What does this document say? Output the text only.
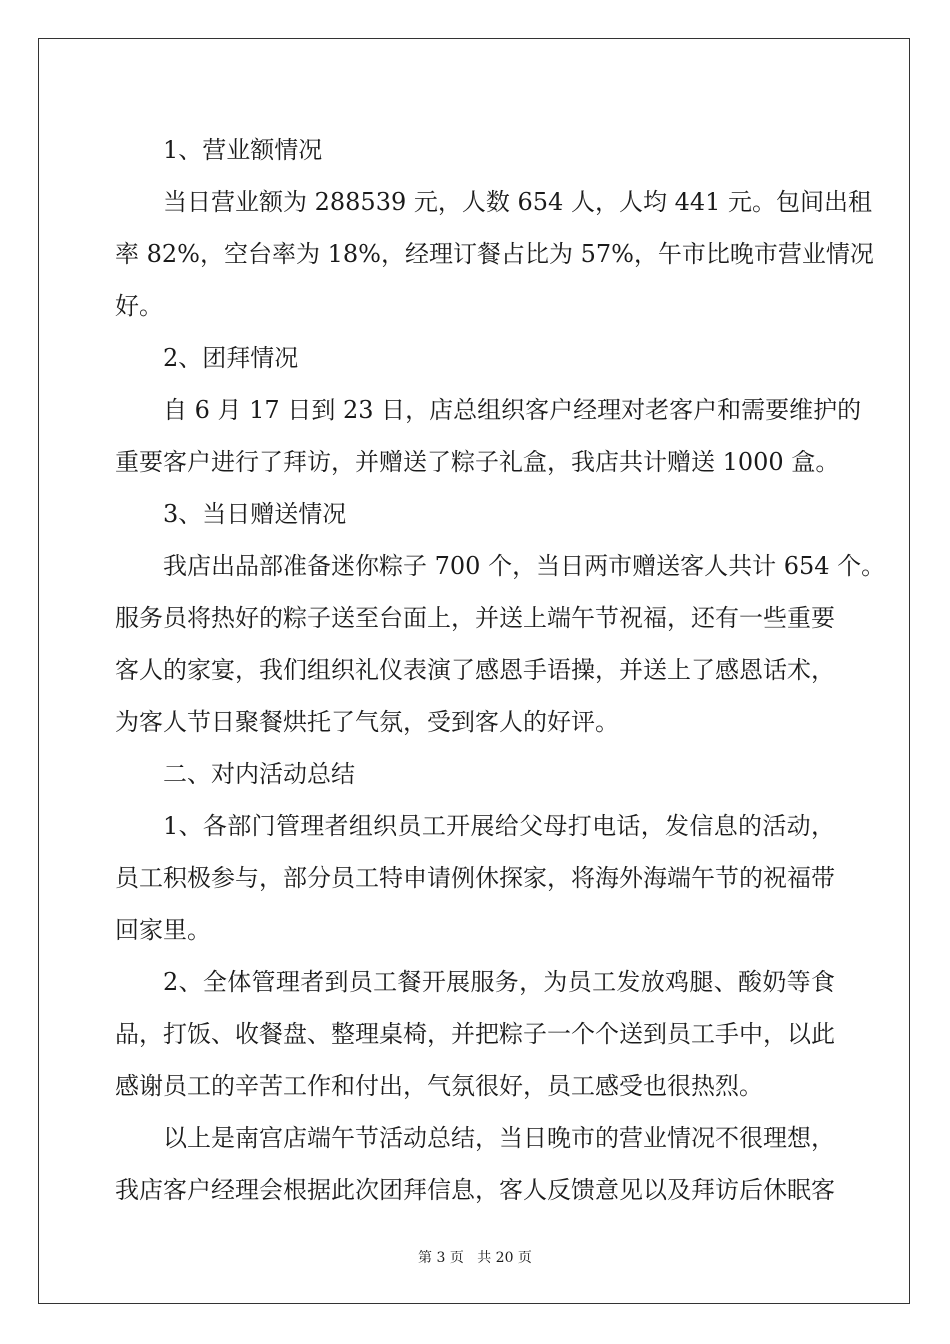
1、营业额情况
当日营业额为 288539 元，人数 654 人，人均 441 元。包间出租
率 82%，空台率为 18%，经理订餐占比为 57%，午市比晚市营业情况
好。
2、团拜情况
自 6 月 17 日到 23 日，店总组织客户经理对老客户和需要维护的
重要客户进行了拜访，并赠送了粽子礼盒，我店共计赠送 1000 盒。
3、当日赠送情况
我店出品部准备迷你粽子 700 个，当日两市赠送客人共计 654 个。
服务员将热好的粽子送至台面上，并送上端午节祝福，还有一些重要
客人的家宴，我们组织礼仪表演了感恩手语操，并送上了感恩话术，
为客人节日聚餐烘托了气氛，受到客人的好评。
二、对内活动总结
1、各部门管理者组织员工开展给父母打电话，发信息的活动，
员工积极参与，部分员工特申请例休探家，将海外海端午节的祝福带
回家里。
2、全体管理者到员工餐开展服务，为员工发放鸡腿、酸奶等食
品，打饭、收餐盘、整理桌椅，并把粽子一个个送到员工手中，以此
感谢员工的辛苦工作和付出，气氛很好，员工感受也很热烈。
以上是南宫店端午节活动总结，当日晚市的营业情况不很理想，
我店客户经理会根据此次团拜信息，客人反馈意见以及拜访后休眠客
第 3 页 共 20 页
